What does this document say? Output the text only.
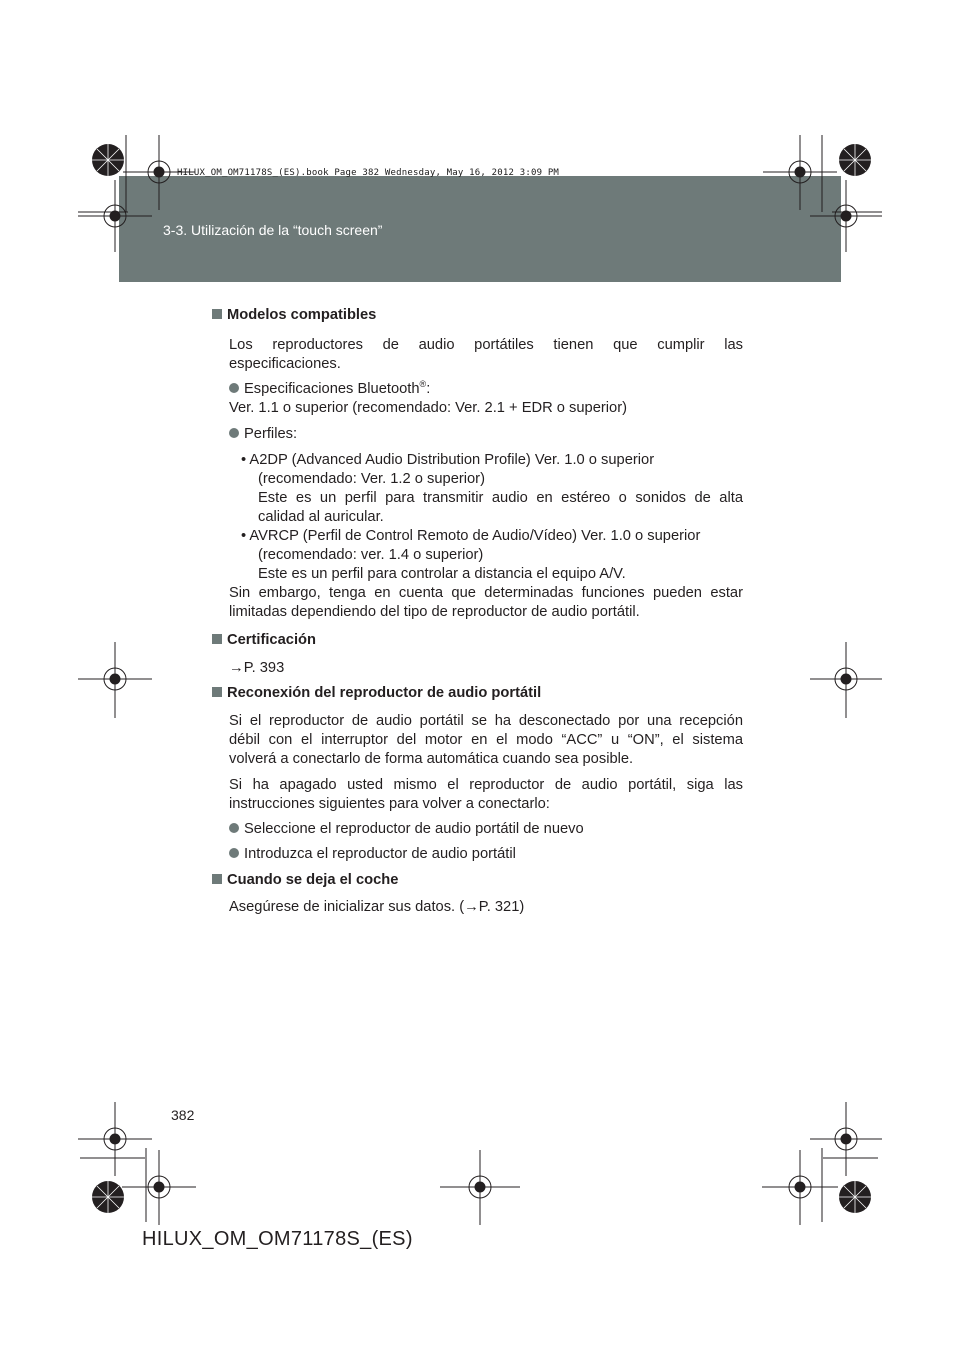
3-3. Utilización de la “touch screen”
HILUX_OM_OM71178S_(ES).book Page 382 Wednesday, May 16, 2012 3:09 PM
Modelos compatibles
Los reproductores de audio portátiles tienen que cumplir las
especificaciones.
Especificaciones Bluetooth®:
Ver. 1.1 o superior (recomendado: Ver. 2.1 + EDR o superior)
Perfiles:
• A2DP (Advanced Audio Distribution Profile) Ver. 1.0 o superior
(recomendado: Ver. 1.2 o superior)
Este es un perfil para transmitir audio en estéreo o sonidos de alta
calidad al auricular.
• AVRCP (Perfil de Control Remoto de Audio/Vídeo) Ver. 1.0 o superior
(recomendado: ver. 1.4 o superior)
Este es un perfil para controlar a distancia el equipo A/V.
Sin embargo, tenga en cuenta que determinadas funciones pueden estar
limitadas dependiendo del tipo de reproductor de audio portátil.
Certificación
→P. 393
Reconexión del reproductor de audio portátil
Si el reproductor de audio portátil se ha desconectado por una recepción
débil con el interruptor del motor en el modo “ACC” u “ON”, el sistema
volverá a conectarlo de forma automática cuando sea posible.
Si ha apagado usted mismo el reproductor de audio portátil, siga las
instrucciones siguientes para volver a conectarlo:
Seleccione el reproductor de audio portátil de nuevo
Introduzca el reproductor de audio portátil
Cuando se deja el coche
Asegúrese de inicializar sus datos. (→P. 321)
382
HILUX_OM_OM71178S_(ES)
